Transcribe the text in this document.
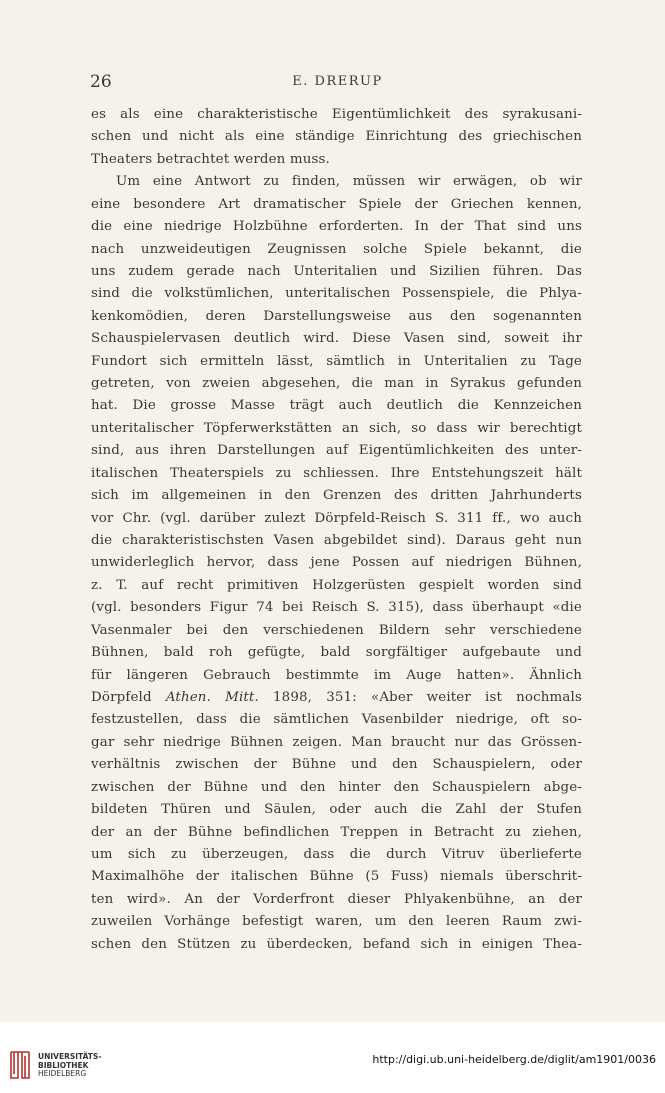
26	E. DRERUP
es als eine charakteristische Eigentümlichkeit des syrakusani-
schen und nicht als eine ständige Einrichtung des griechischen
Theaters betrachtet werden muss.
Um eine Antwort zu finden, müssen wir erwägen, ob wir
eine besondere Art dramatischer Spiele der Griechen kennen,
die eine niedrige Holzbühne erforderten. In der That sind uns
nach unzweideutigen Zeugnissen solche Spiele bekannt, die
uns zudem gerade nach Unteritalien und Sizilien führen. Das
sind die volkstümlichen, unteritalischen Possenspiele, die Phlya-
kenkomödien, deren Darstellungsweise aus den sogenannten
Schauspielervasen deutlich wird. Diese Vasen sind, soweit ihr
Fundort sich ermitteln lässt, sämtlich in Unteritalien zu Tage
getreten, von zweien abgesehen, die man in Syrakus gefunden
hat. Die grosse Masse trägt auch deutlich die Kennzeichen
unteritalischer Töpferwerkstätten an sich, so dass wir berechtigt
sind, aus ihren Darstellungen auf Eigentümlichkeiten des unter-
italischen Theaterspiels zu schliessen. Ihre Entstehungszeit hält
sich im allgemeinen in den Grenzen des dritten Jahrhunderts
vor Chr. (vgl. darüber zulezt Dörpfeld-Reisch S. 311 ff., wo auch
die charakteristischsten Vasen abgebildet sind). Daraus geht nun
unwiderleglich hervor, dass jene Possen auf niedrigen Bühnen,
z. T. auf recht primitiven Holzgerüsten gespielt worden sind
(vgl. besonders Figur 74 bei Reisch S. 315), dass überhaupt «die
Vasenmaler bei den verschiedenen Bildern sehr verschiedene
Bühnen, bald roh gefügte, bald sorgfältiger aufgebaute und
für längeren Gebrauch bestimmte im Auge hatten». Ähnlich
Dörpfeld Athen. Mitt. 1898, 351: «Aber weiter ist nochmals
festzustellen, dass die sämtlichen Vasenbilder niedrige, oft so-
gar sehr niedrige Bühnen zeigen. Man braucht nur das Grössen-
verhältnis zwischen der Bühne und den Schauspielern, oder
zwischen der Bühne und den hinter den Schauspielern abge-
bildeten Thüren und Säulen, oder auch die Zahl der Stufen
der an der Bühne befindlichen Treppen in Betracht zu ziehen,
um sich zu überzeugen, dass die durch Vitruv überlieferte
Maximalhöhe der italischen Bühne (5 Fuss) niemals überschrit-
ten wird». An der Vorderfront dieser Phlyakenbühne, an der
zuweilen Vorhänge befestigt waren, um den leeren Raum zwi-
schen den Stützen zu überdecken, befand sich in einigen Thea-
UNIVERSITÄTS-
BIBLIOTHEK
HEIDELBERG
http://digi.ub.uni-heidelberg.de/diglit/am1901/0036
